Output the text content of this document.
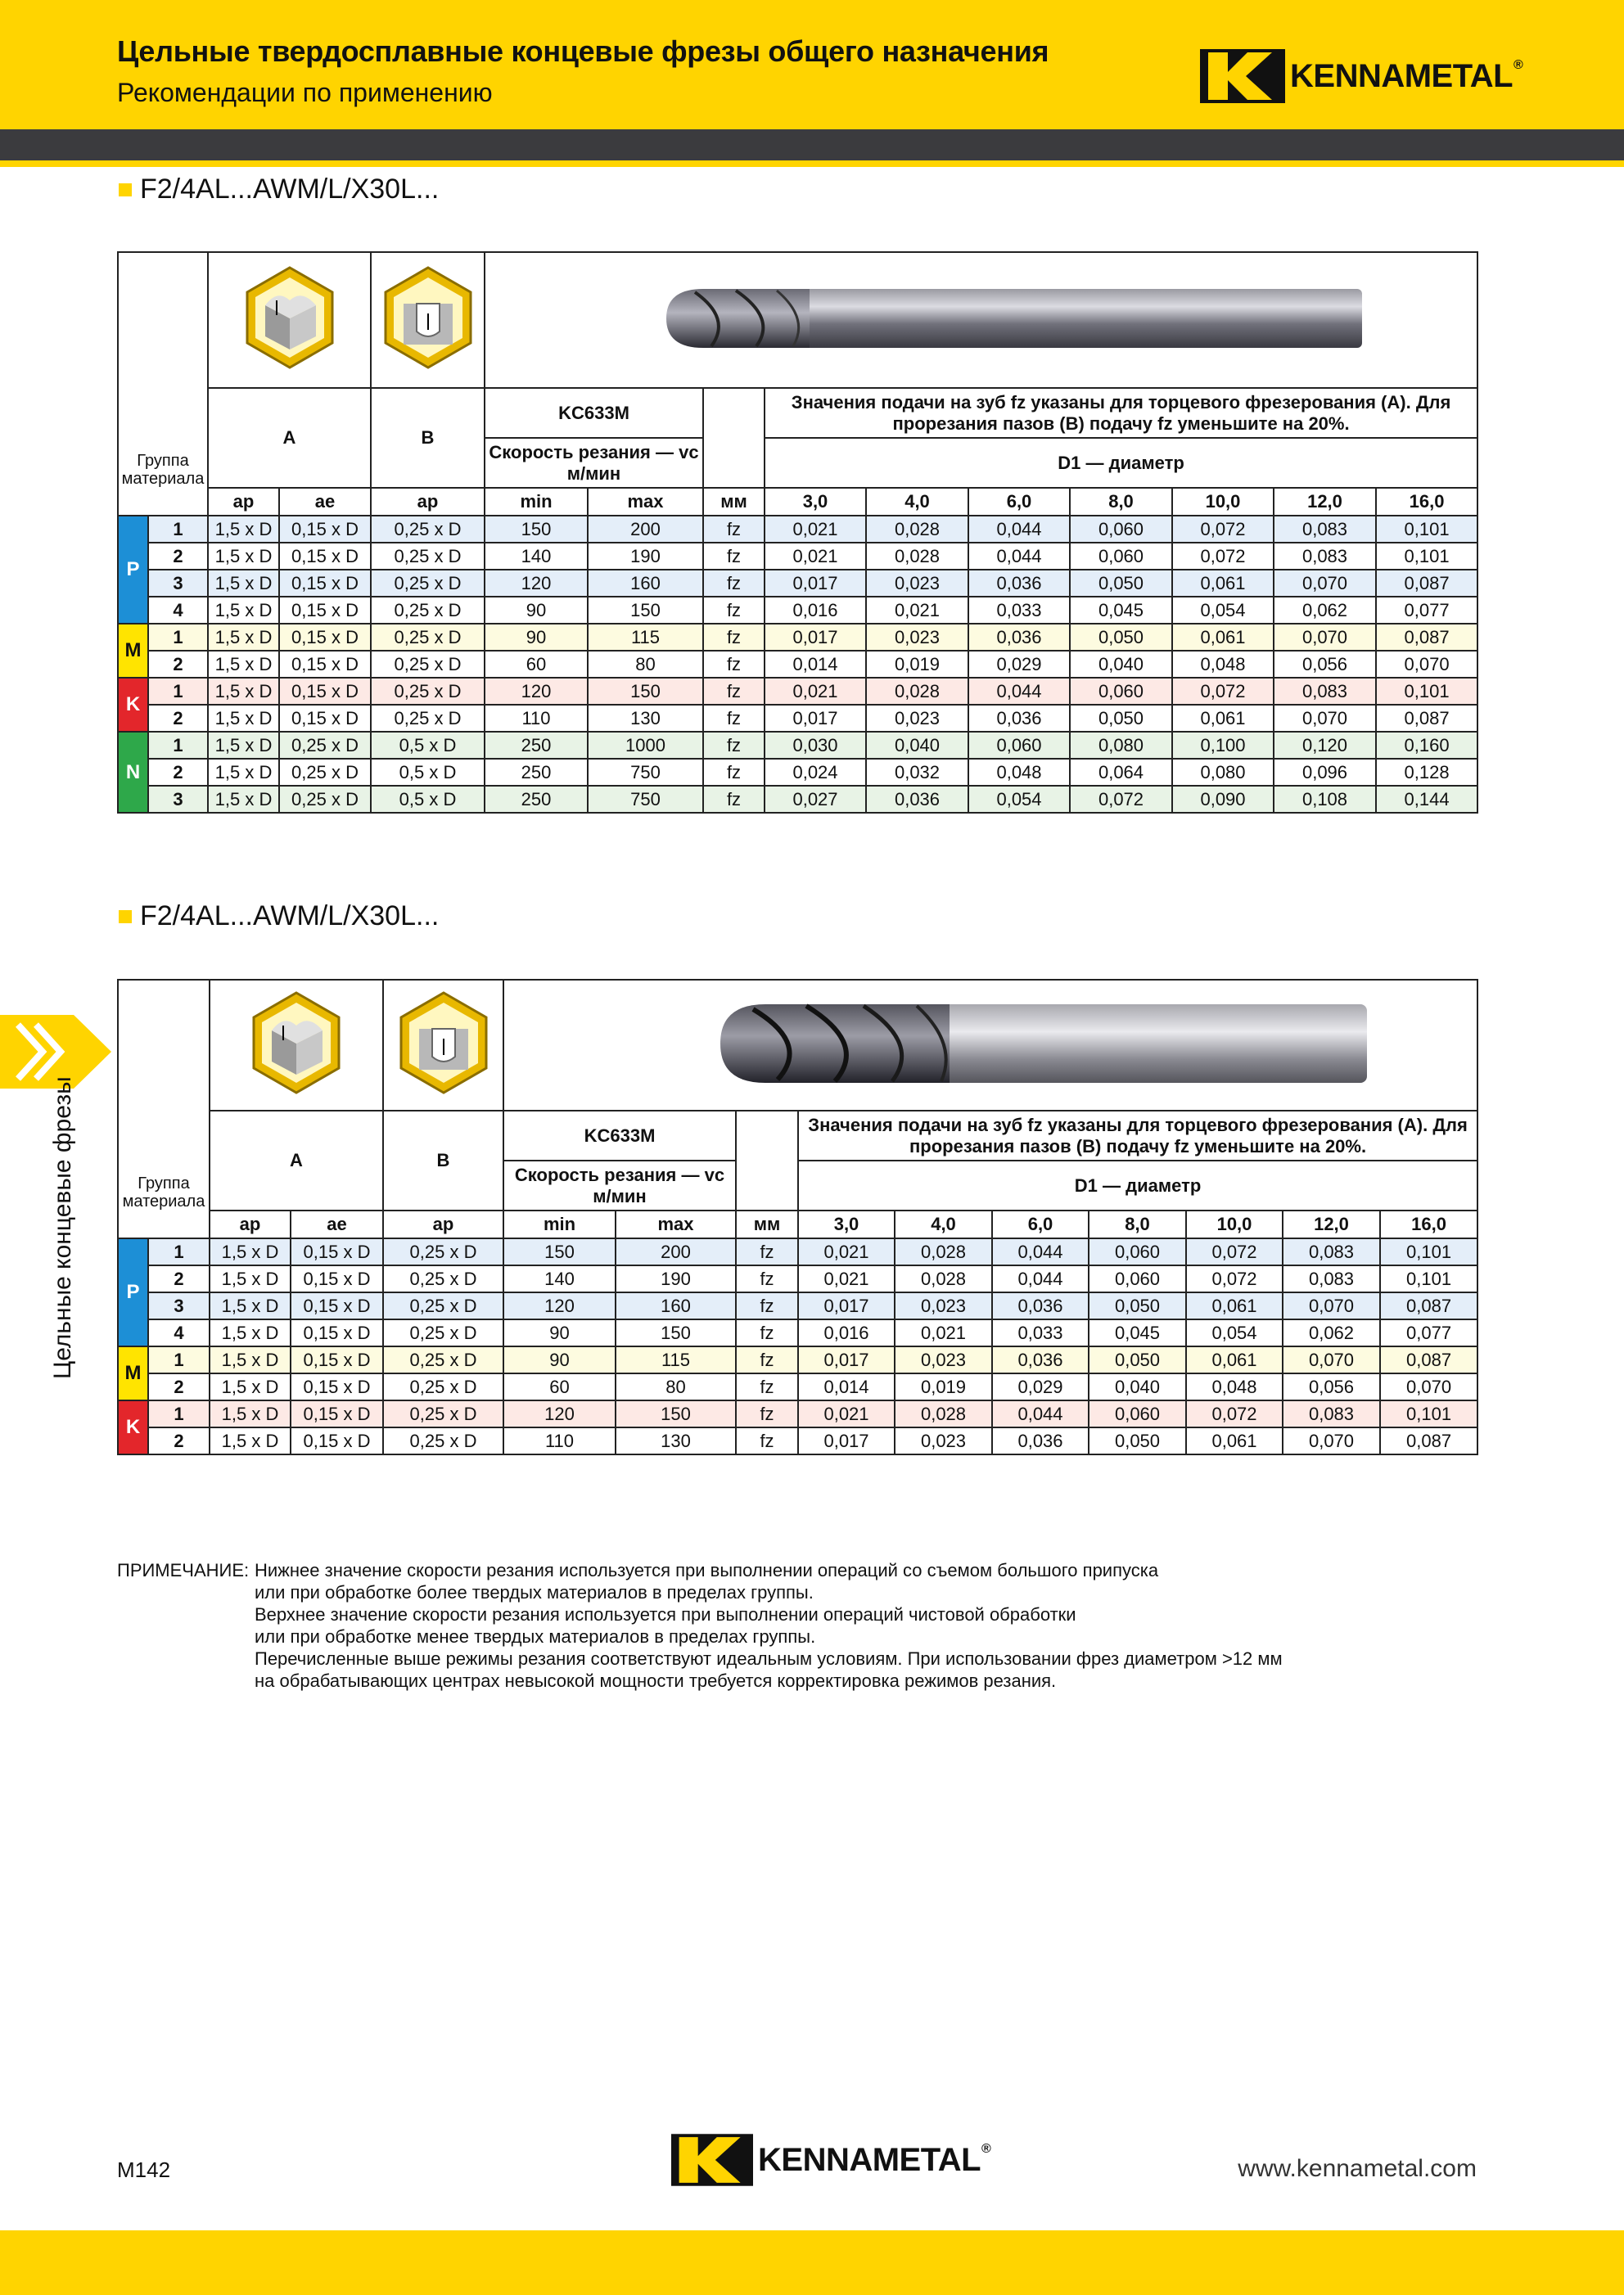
Цельные твердосплавные концевые фрезы общего назначения
Рекомендации по применению	KENNAMETAL®
F2/4AL...AWM/L/X30L...
Группа материала

		A		B	KC633M			Значения подачи на зуб fz указаны для торцевого фрезерования (A). Для прорезания пазов (B) подачу fz уменьшите на 20%.						
					Скорость резания — vc м/мин			D1 — диаметр						
		ap	ae	ap	min	max	мм	3,0	4,0	6,0	8,0	10,0	12,0	16,0
P	1	1,5 x D	0,15 x D	0,25 x D	150	200	fz	0,021	0,028	0,044	0,060	0,072	0,083	0,101
	2	1,5 x D	0,15 x D	0,25 x D	140	190	fz	0,021	0,028	0,044	0,060	0,072	0,083	0,101
	3	1,5 x D	0,15 x D	0,25 x D	120	160	fz	0,017	0,023	0,036	0,050	0,061	0,070	0,087
	4	1,5 x D	0,15 x D	0,25 x D	90	150	fz	0,016	0,021	0,033	0,045	0,054	0,062	0,077
M	1	1,5 x D	0,15 x D	0,25 x D	90	115	fz	0,017	0,023	0,036	0,050	0,061	0,070	0,087
	2	1,5 x D	0,15 x D	0,25 x D	60	80	fz	0,014	0,019	0,029	0,040	0,048	0,056	0,070
K	1	1,5 x D	0,15 x D	0,25 x D	120	150	fz	0,021	0,028	0,044	0,060	0,072	0,083	0,101
	2	1,5 x D	0,15 x D	0,25 x D	110	130	fz	0,017	0,023	0,036	0,050	0,061	0,070	0,087
N	1	1,5 x D	0,25 x D	0,5 x D	250	1000	fz	0,030	0,040	0,060	0,080	0,100	0,120	0,160
	2	1,5 x D	0,25 x D	0,5 x D	250	750	fz	0,024	0,032	0,048	0,064	0,080	0,096	0,128
	3	1,5 x D	0,25 x D	0,5 x D	250	750	fz	0,027	0,036	0,054	0,072	0,090	0,108	0,144
Цельные концевые фрезы
F2/4AL...AWM/L/X30L...
Группа материала

		A		B	KC633M			Значения подачи на зуб fz указаны для торцевого фрезерования (A). Для прорезания пазов (B) подачу fz уменьшите на 20%.						
					Скорость резания — vc м/мин			D1 — диаметр						
		ap	ae	ap	min	max	мм	3,0	4,0	6,0	8,0	10,0	12,0	16,0
P	1	1,5 x D	0,15 x D	0,25 x D	150	200	fz	0,021	0,028	0,044	0,060	0,072	0,083	0,101
	2	1,5 x D	0,15 x D	0,25 x D	140	190	fz	0,021	0,028	0,044	0,060	0,072	0,083	0,101
	3	1,5 x D	0,15 x D	0,25 x D	120	160	fz	0,017	0,023	0,036	0,050	0,061	0,070	0,087
	4	1,5 x D	0,15 x D	0,25 x D	90	150	fz	0,016	0,021	0,033	0,045	0,054	0,062	0,077
M	1	1,5 x D	0,15 x D	0,25 x D	90	115	fz	0,017	0,023	0,036	0,050	0,061	0,070	0,087
	2	1,5 x D	0,15 x D	0,25 x D	60	80	fz	0,014	0,019	0,029	0,040	0,048	0,056	0,070
K	1	1,5 x D	0,15 x D	0,25 x D	120	150	fz	0,021	0,028	0,044	0,060	0,072	0,083	0,101
	2	1,5 x D	0,15 x D	0,25 x D	110	130	fz	0,017	0,023	0,036	0,050	0,061	0,070	0,087
ПРИМЕЧАНИЕ: Нижнее значение скорости резания используется при выполнении операций со съемом большого припуска
или при обработке более твердых материалов в пределах группы.
Верхнее значение скорости резания используется при выполнении операций чистовой обработки
или при обработке менее твердых материалов в пределах группы.
Перечисленные выше режимы резания соответствуют идеальным условиям. При использовании фрез диаметром >12 мм
на обрабатывающих центрах невысокой мощности требуется корректировка режимов резания.
M142	KENNAMETAL®
www.kennametal.com
